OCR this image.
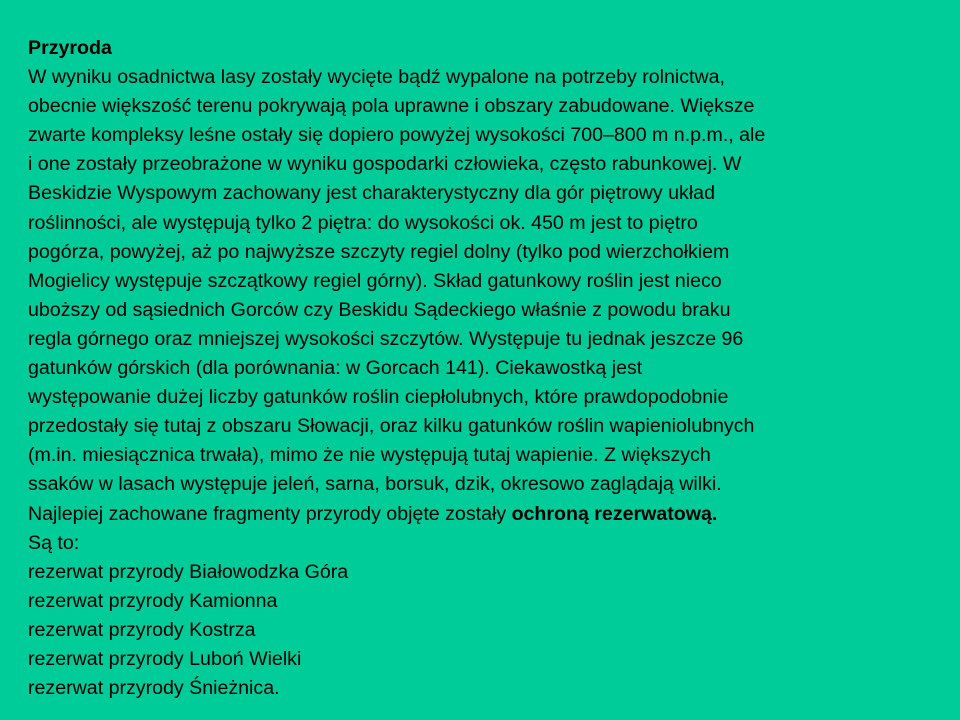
Przyroda
W wyniku osadnictwa lasy zostały wycięte bądź wypalone na potrzeby rolnictwa,
obecnie większość terenu pokrywają pola uprawne i obszary zabudowane. Większe
zwarte kompleksy leśne ostały się dopiero powyżej wysokości 700–800 m n.p.m., ale
i one zostały przeobrażone w wyniku gospodarki człowieka, często rabunkowej. W
Beskidzie Wyspowym zachowany jest charakterystyczny dla gór piętrowy układ
roślinności, ale występują tylko 2 piętra: do wysokości ok. 450 m jest to piętro
pogórza, powyżej, aż po najwyższe szczyty regiel dolny (tylko pod wierzchołkiem
Mogielicy występuje szczątkowy regiel górny). Skład gatunkowy roślin jest nieco
uboższy od sąsiednich Gorców czy Beskidu Sądeckiego właśnie z powodu braku
regla górnego oraz mniejszej wysokości szczytów. Występuje tu jednak jeszcze 96
gatunków górskich (dla porównania: w Gorcach 141). Ciekawostką jest
występowanie dużej liczby gatunków roślin ciepłolubnych, które prawdopodobnie
przedostały się tutaj z obszaru Słowacji, oraz kilku gatunków roślin wapieniolubnych
(m.in. miesiącznica trwała), mimo że nie występują tutaj wapienie. Z większych
ssaków w lasach występuje jeleń, sarna, borsuk, dzik, okresowo zaglądają wilki.
Najlepiej zachowane fragmenty przyrody objęte zostały ochroną rezerwatową.
Są to:
rezerwat przyrody Białowodzka Góra
rezerwat przyrody Kamionna
rezerwat przyrody Kostrza
rezerwat przyrody Luboń Wielki
rezerwat przyrody Śnieżnica.
